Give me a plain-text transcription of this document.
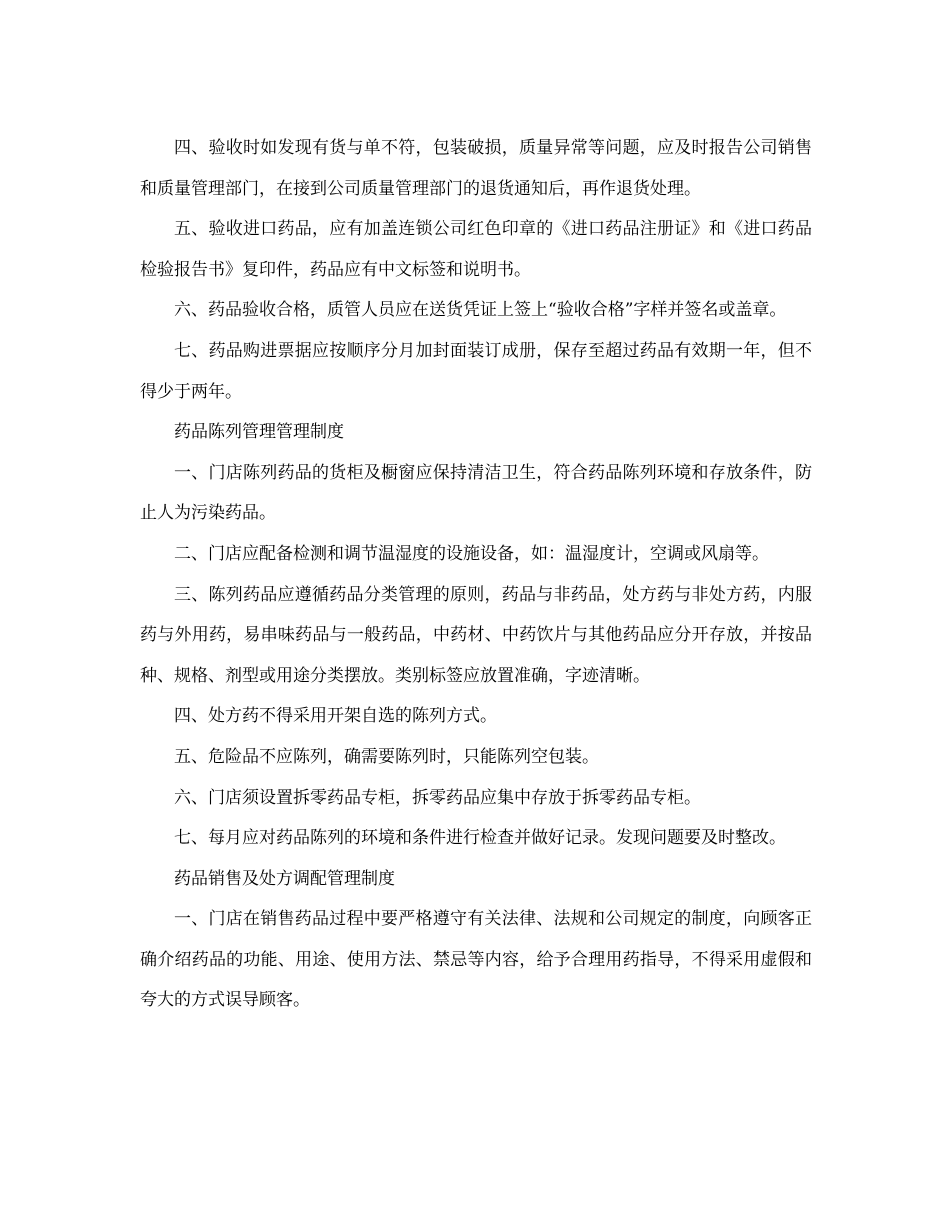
四、验收时如发现有货与单不符，包装破损，质量异常等问题，应及时报告公司销售和质量管理部门，在接到公司质量管理部门的退货通知后，再作退货处理。

五、验收进口药品，应有加盖连锁公司红色印章的《进口药品注册证》和《进口药品检验报告书》复印件，药品应有中文标签和说明书。

六、药品验收合格，质管人员应在送货凭证上签上“验收合格”字样并签名或盖章。

七、药品购进票据应按顺序分月加封面装订成册，保存至超过药品有效期一年，但不得少于两年。

药品陈列管理管理制度

一、门店陈列药品的货柜及橱窗应保持清洁卫生，符合药品陈列环境和存放条件，防止人为污染药品。

二、门店应配备检测和调节温湿度的设施设备，如：温湿度计，空调或风扇等。

三、陈列药品应遵循药品分类管理的原则，药品与非药品，处方药与非处方药，内服药与外用药，易串味药品与一般药品，中药材、中药饮片与其他药品应分开存放，并按品种、规格、剂型或用途分类摆放。类别标签应放置准确，字迹清晰。

四、处方药不得采用开架自选的陈列方式。

五、危险品不应陈列，确需要陈列时，只能陈列空包装。

六、门店须设置拆零药品专柜，拆零药品应集中存放于拆零药品专柜。

七、每月应对药品陈列的环境和条件进行检查并做好记录。发现问题要及时整改。

药品销售及处方调配管理制度

一、门店在销售药品过程中要严格遵守有关法律、法规和公司规定的制度，向顾客正确介绍药品的功能、用途、使用方法、禁忌等内容，给予合理用药指导，不得采用虚假和夸大的方式误导顾客。
